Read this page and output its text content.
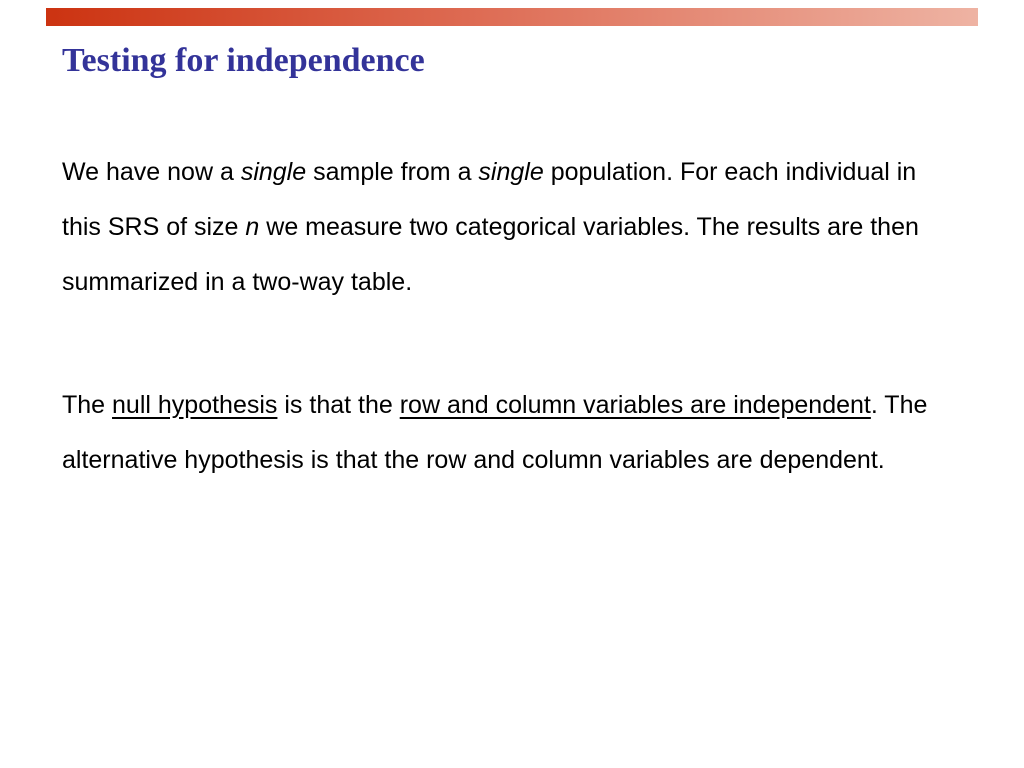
Testing for independence

We have now a single sample from a single population. For each individual in this SRS of size n we measure two categorical variables. The results are then summarized in a two-way table.

The null hypothesis is that the row and column variables are independent. The alternative hypothesis is that the row and column variables are dependent.
